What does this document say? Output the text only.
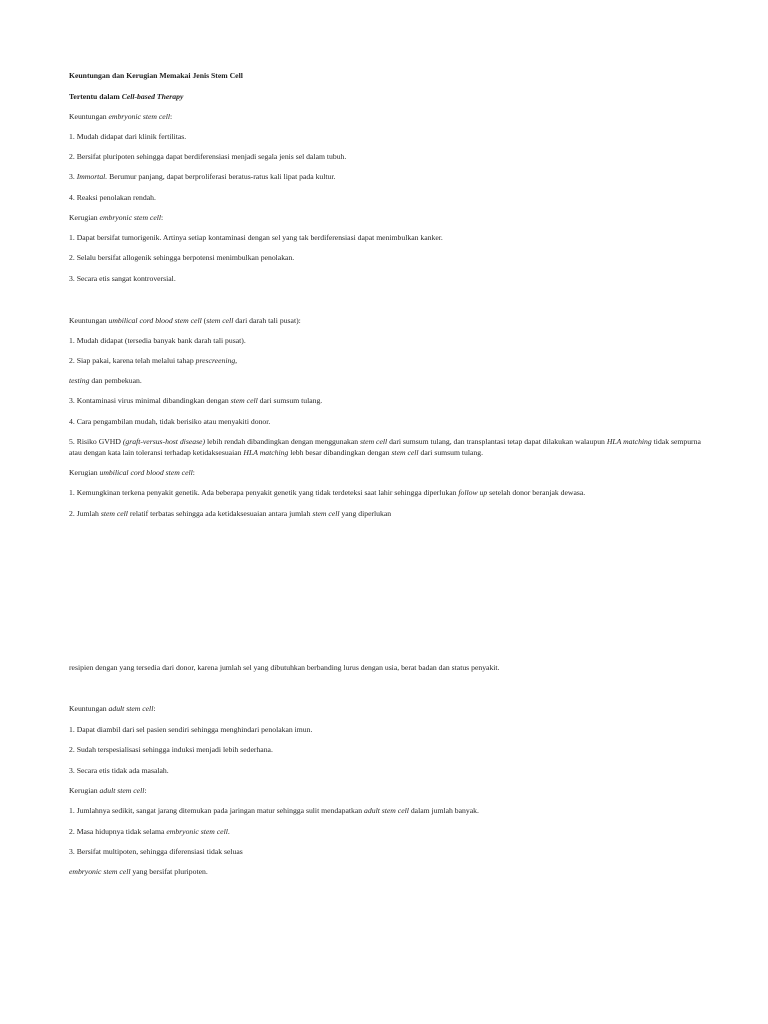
Keuntungan dan Kerugian Memakai Jenis Stem Cell
Tertentu dalam Cell-based Therapy
Keuntungan embryonic stem cell:
1. Mudah didapat dari klinik fertilitas.
2. Bersifat pluripoten sehingga dapat berdiferensiasi menjadi segala jenis sel dalam tubuh.
3. Immortal. Berumur panjang, dapat berproliferasi beratus-ratus kali lipat pada kultur.
4. Reaksi penolakan rendah.
Kerugian embryonic stem cell:
1. Dapat bersifat tumorigenik. Artinya setiap kontaminasi dengan sel yang tak berdiferensiasi dapat menimbulkan kanker.
2. Selalu bersifat allogenik sehingga berpotensi menimbulkan penolakan.
3. Secara etis sangat kontroversial.
Keuntungan umbilical cord blood stem cell (stem cell dari darah tali pusat):
1. Mudah didapat (tersedia banyak bank darah tali pusat).
2. Siap pakai, karena telah melalui tahap prescreening,
testing dan pembekuan.
3. Kontaminasi virus minimal dibandingkan dengan stem cell dari sumsum tulang.
4. Cara pengambilan mudah, tidak berisiko atau menyakiti donor.
5. Risiko GVHD (graft-versus-host disease) lebih rendah dibandingkan dengan menggunakan stem cell dari sumsum tulang, dan transplantasi tetap dapat dilakukan walaupun HLA matching tidak sempurna atau dengan kata lain toleransi terhadap ketidaksesuaian HLA matching lebh besar dibandingkan dengan stem cell dari sumsum tulang.
Kerugian umbilical cord blood stem cell:
1. Kemungkinan terkena penyakit genetik. Ada beberapa penyakit genetik yang tidak terdeteksi saat lahir sehingga diperlukan follow up setelah donor beranjak dewasa.
2. Jumlah stem cell relatif terbatas sehingga ada ketidaksesuaian antara jumlah stem cell yang diperlukan
resipien dengan yang tersedia dari donor, karena jumlah sel yang dibutuhkan berbanding lurus dengan usia, berat badan dan status penyakit.
Keuntungan adult stem cell:
1. Dapat diambil dari sel pasien sendiri sehingga menghindari penolakan imun.
2. Sudah terspesialisasi sehingga induksi menjadi lebih sederhana.
3. Secara etis tidak ada masalah.
Kerugian adult stem cell:
1. Jumlahnya sedikit, sangat jarang ditemukan pada jaringan matur sehingga sulit mendapatkan adult stem cell dalam jumlah banyak.
2. Masa hidupnya tidak selama embryonic stem cell.
3. Bersifat multipoten, sehingga diferensiasi tidak seluas
embryonic stem cell yang bersifat pluripoten.
